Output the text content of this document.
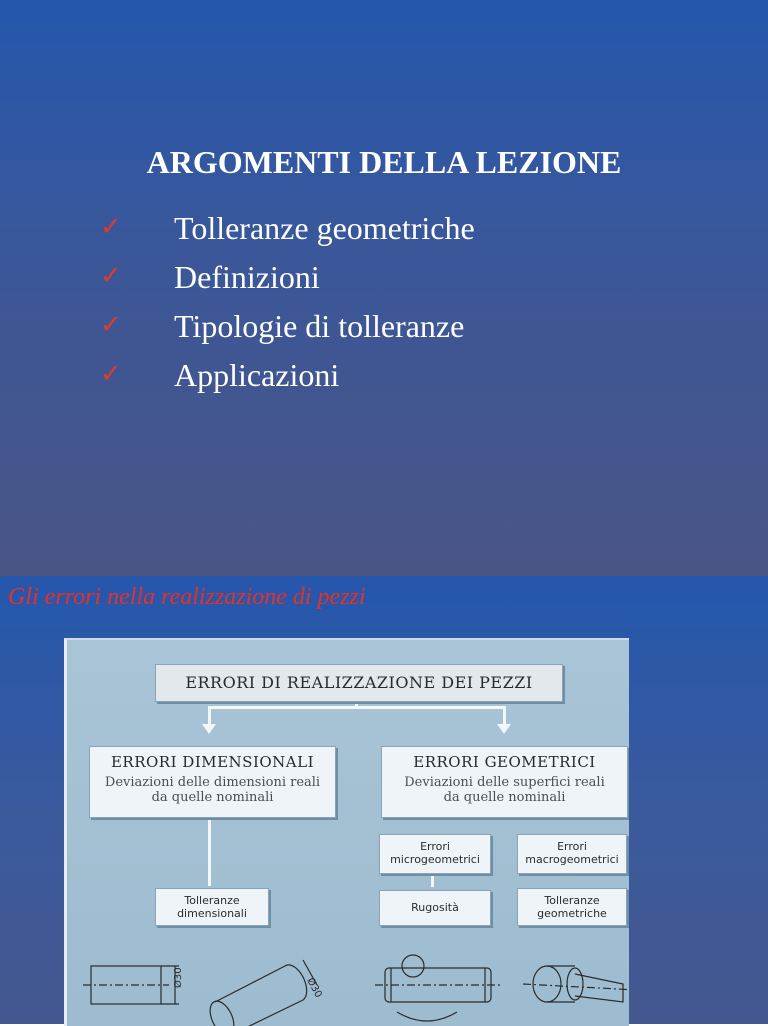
ARGOMENTI DELLA LEZIONE
✓ Tolleranze geometriche
✓ Definizioni
✓ Tipologie di tolleranze
✓ Applicazioni
Gli errori nella realizzazione di pezzi
ERRORI DI REALIZZAZIONE DEI PEZZI
ERRORI DIMENSIONALI
Deviazioni delle dimensioni reali
da quelle nominali
ERRORI GEOMETRICI
Deviazioni delle superfici reali
da quelle nominali
Errori
microgeometrici
Errori
macrogeometrici
Tolleranze
dimensionali	Rugosità
Tolleranze
geometriche
Ø30	Ø30
